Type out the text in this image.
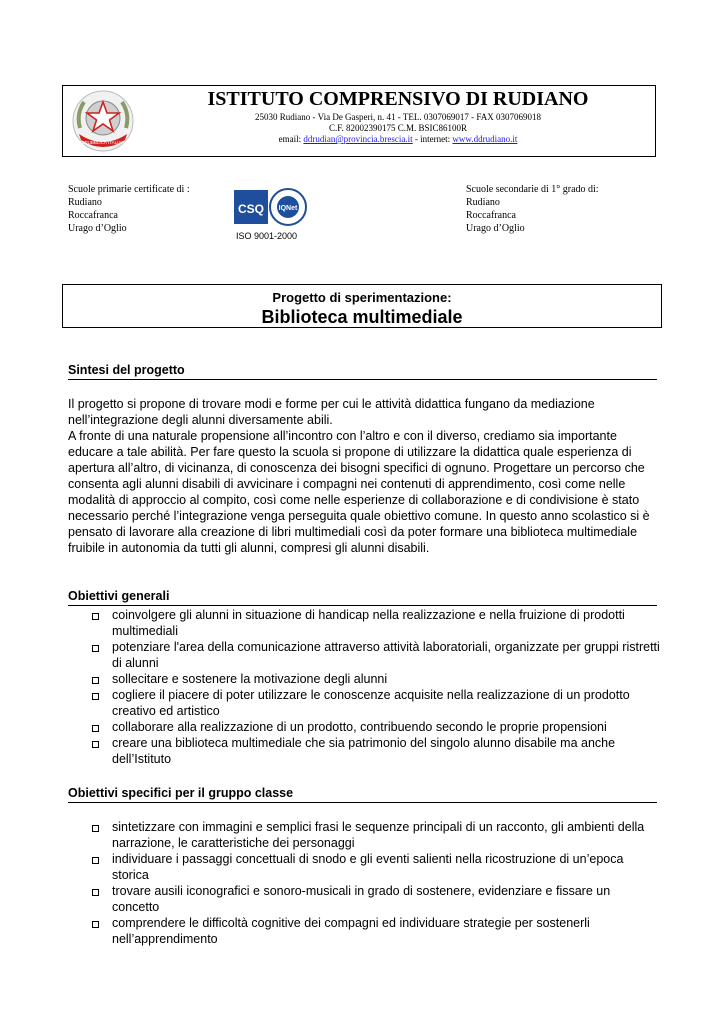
REPUBBLICA ITALIANA
ISTITUTO COMPRENSIVO DI RUDIANO
25030 Rudiano - Via De Gasperi, n. 41 - TEL. 0307069017 - FAX 0307069018
C.F. 82002390175 C.M. BSIC86100R
email: ddrudian@provincia.brescia.it - internet: www.ddrudiano.it
Scuole primarie certificate di :
Rudiano
Roccafranca
Urago d’Oglio
CSQ IQNet
ISO 9001-2000
Scuole secondarie di 1° grado di:
Rudiano
Roccafranca
Urago d’Oglio
Progetto di sperimentazione:
Biblioteca multimediale
Sintesi del progetto

Il progetto si propone di trovare modi e forme per cui le attività didattica fungano da mediazione nell’integrazione degli alunni diversamente abili.

A fronte di una naturale propensione all’incontro con l’altro e con il diverso, crediamo sia importante educare a tale abilità. Per fare questo la scuola si propone di utilizzare la didattica quale esperienza di apertura all’altro, di vicinanza, di conoscenza dei bisogni specifici di ognuno. Progettare un percorso che consenta agli alunni disabili di avvicinare i compagni nei contenuti di apprendimento, così come nelle modalità di approccio al compito, così come nelle esperienze di collaborazione e di condivisione è stato necessario perché l’integrazione venga perseguita quale obiettivo comune. In questo anno scolastico si è pensato di lavorare alla creazione di libri multimediali così da poter formare una biblioteca multimediale fruibile in autonomia da tutti gli alunni, compresi gli alunni disabili.

Obiettivi generali
coinvolgere gli alunni in situazione di handicap nella realizzazione e nella fruizione di prodotti multimediali
potenziare l'area della comunicazione attraverso attività laboratoriali, organizzate per gruppi ristretti di alunni
sollecitare e sostenere la motivazione degli alunni
cogliere il piacere di poter utilizzare le conoscenze acquisite nella realizzazione di un prodotto creativo ed artistico
collaborare alla realizzazione di un prodotto, contribuendo secondo le proprie propensioni
creare una biblioteca multimediale che sia patrimonio del singolo alunno disabile ma anche dell’Istituto
Obiettivi specifici per il gruppo classe
sintetizzare con immagini e semplici frasi le sequenze principali di un racconto, gli ambienti della narrazione, le caratteristiche dei personaggi
individuare i passaggi concettuali di snodo e gli eventi salienti nella ricostruzione di un’epoca storica
trovare ausili iconografici e sonoro-musicali in grado di sostenere, evidenziare e fissare un concetto
comprendere le difficoltà cognitive dei compagni ed individuare strategie per sostenerli nell’apprendimento
